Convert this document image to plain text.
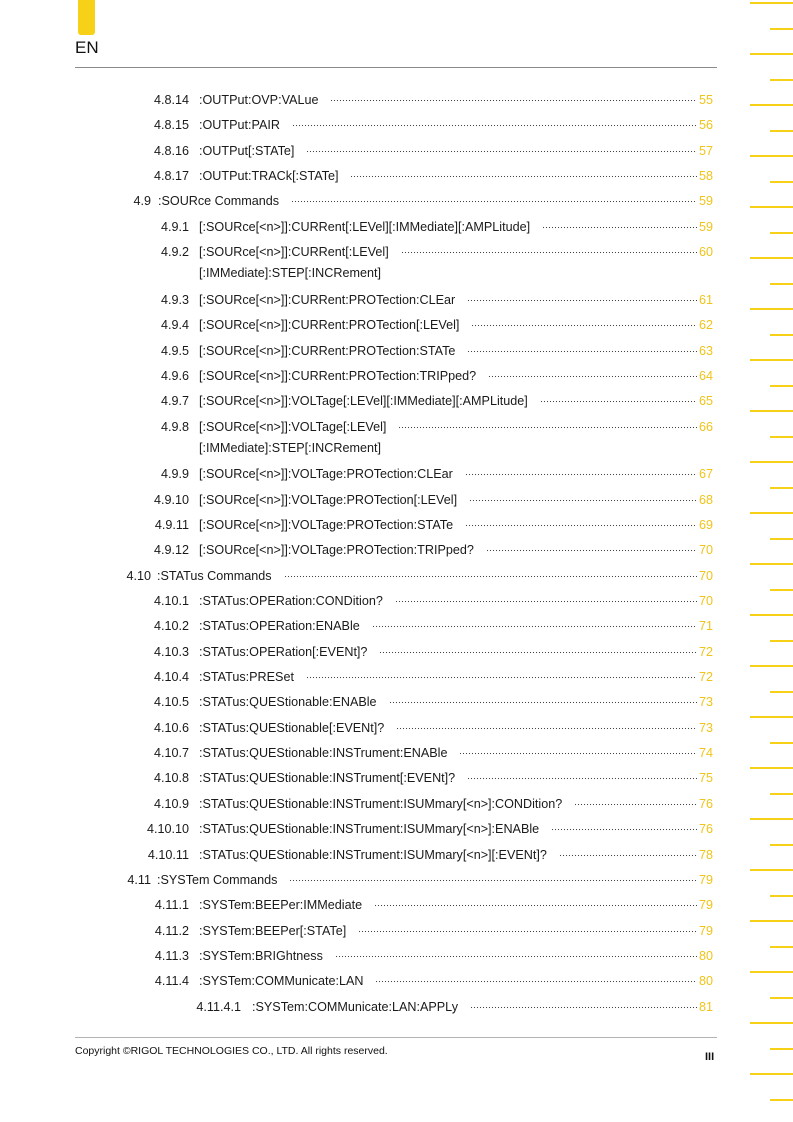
EN
4.8.14 :OUTPut:OVP:VALue	55
4.8.15 :OUTPut:PAIR	56
4.8.16 :OUTPut[:STATe]	57
4.8.17 :OUTPut:TRACk[:STATe]	58
4.9 :SOURce Commands	59
4.9.1 [:SOURce[<n>]]:CURRent[:LEVel][:IMMediate][:AMPLitude]	59
4.9.2 [:SOURce[<n>]]:CURRent[:LEVel]
[:IMMediate]:STEP[:INCRement]
60
4.9.3 [:SOURce[<n>]]:CURRent:PROTection:CLEar	61
4.9.4 [:SOURce[<n>]]:CURRent:PROTection[:LEVel]	62
4.9.5 [:SOURce[<n>]]:CURRent:PROTection:STATe	63
4.9.6 [:SOURce[<n>]]:CURRent:PROTection:TRIPped?	64
4.9.7 [:SOURce[<n>]]:VOLTage[:LEVel][:IMMediate][:AMPLitude]	65
4.9.8 [:SOURce[<n>]]:VOLTage[:LEVel]
[:IMMediate]:STEP[:INCRement]
66
4.9.9 [:SOURce[<n>]]:VOLTage:PROTection:CLEar	67
4.9.10 [:SOURce[<n>]]:VOLTage:PROTection[:LEVel]	68
4.9.11 [:SOURce[<n>]]:VOLTage:PROTection:STATe	69
4.9.12 [:SOURce[<n>]]:VOLTage:PROTection:TRIPped?	70
4.10 :STATus Commands	70
4.10.1 :STATus:OPERation:CONDition?	70
4.10.2 :STATus:OPERation:ENABle	71
4.10.3 :STATus:OPERation[:EVENt]?	72
4.10.4 :STATus:PRESet	72
4.10.5 :STATus:QUEStionable:ENABle	73
4.10.6 :STATus:QUEStionable[:EVENt]?	73
4.10.7 :STATus:QUEStionable:INSTrument:ENABle	74
4.10.8 :STATus:QUEStionable:INSTrument[:EVENt]?	75
4.10.9 :STATus:QUEStionable:INSTrument:ISUMmary[<n>]:CONDition?	76
4.10.10 :STATus:QUEStionable:INSTrument:ISUMmary[<n>]:ENABle	76
4.10.11 :STATus:QUEStionable:INSTrument:ISUMmary[<n>][:EVENt]?	78
4.11 :SYSTem Commands	79
4.11.1 :SYSTem:BEEPer:IMMediate	79
4.11.2 :SYSTem:BEEPer[:STATe]	79
4.11.3 :SYSTem:BRIGhtness	80
4.11.4 :SYSTem:COMMunicate:LAN	80
4.11.4.1 :SYSTem:COMMunicate:LAN:APPLy	81
Copyright ©RIGOL TECHNOLOGIES CO., LTD. All rights reserved.	III
